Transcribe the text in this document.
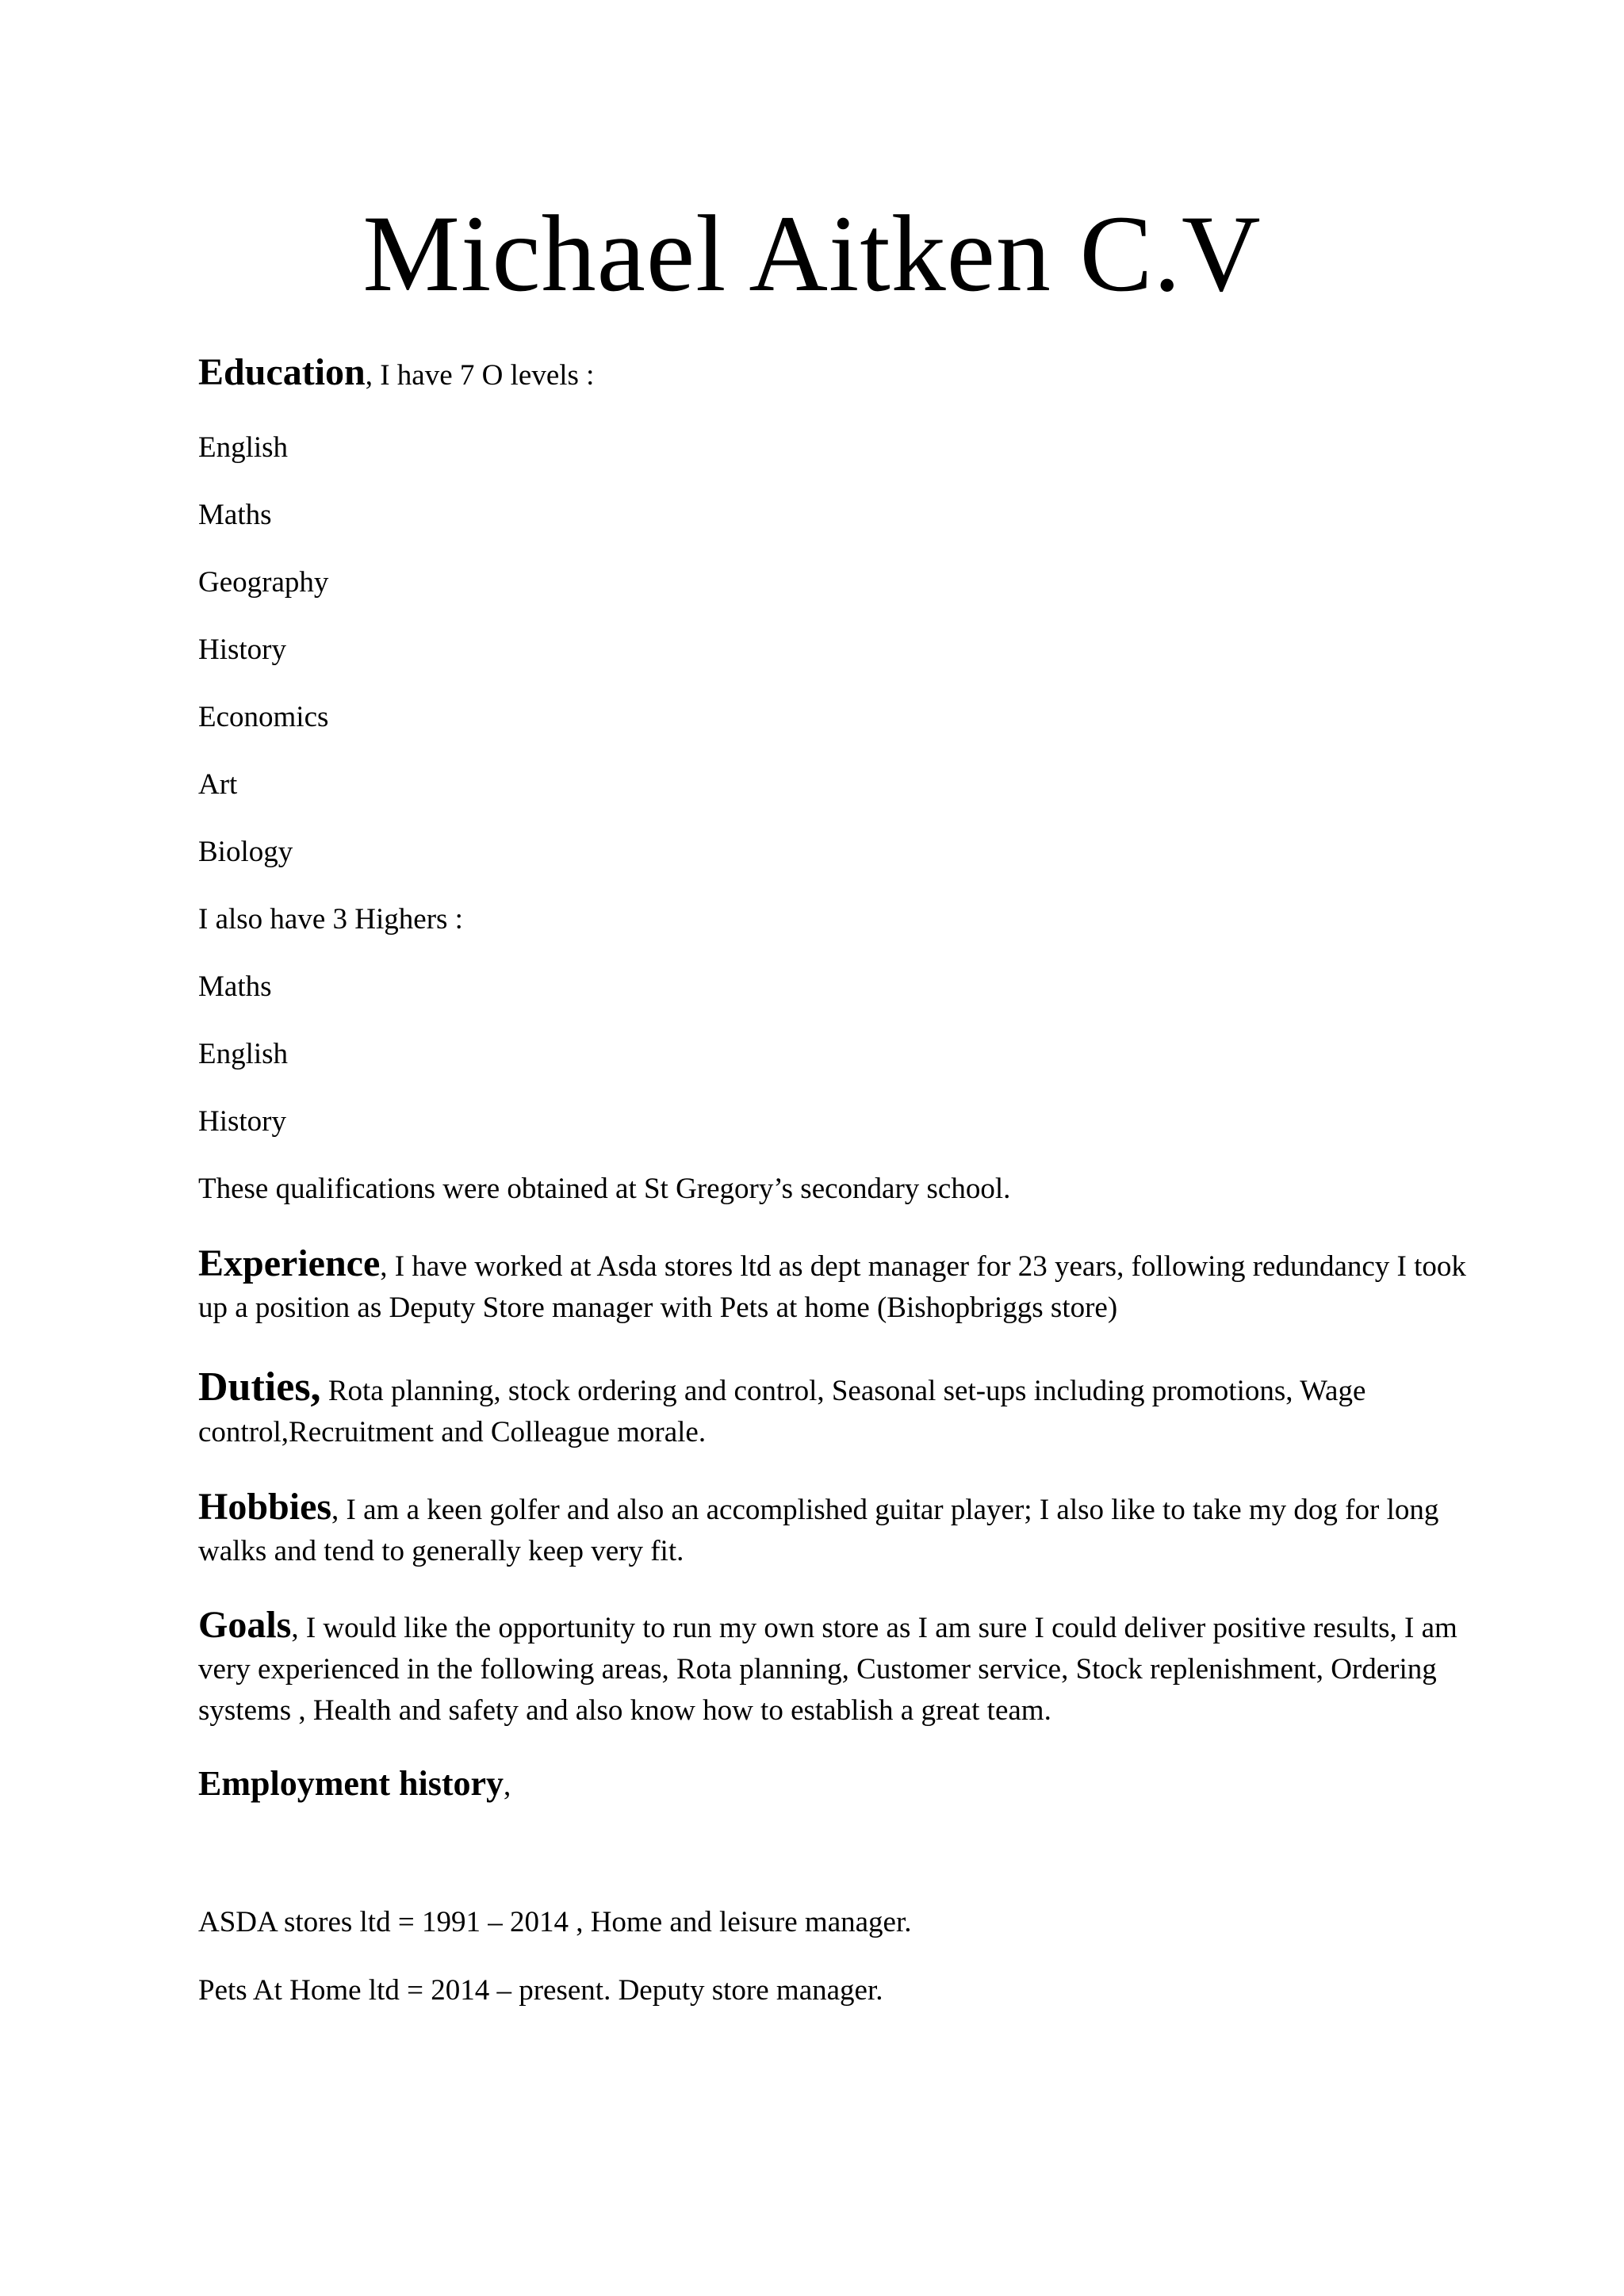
Michael Aitken C.V

Education, I have 7 O levels :

English

Maths

Geography

History

Economics

Art

Biology

I also have 3 Highers :

Maths

English

History

These qualifications were obtained at St Gregory’s secondary school.

Experience, I have worked at Asda stores ltd as dept manager for 23 years, following redundancy I took up a position as Deputy Store manager with Pets at home (Bishopbriggs store)

Duties, Rota planning, stock ordering and control, Seasonal set-ups including promotions, Wage control,Recruitment and Colleague morale.

Hobbies, I am a keen golfer and also an accomplished guitar player; I also like to take my dog for long walks and tend to generally keep very fit.

Goals, I would like the opportunity to run my own store as I am sure I could deliver positive results, I am very experienced in the following areas, Rota planning, Customer service, Stock replenishment, Ordering systems , Health and safety and also know how to establish a great team.

Employment history,

ASDA stores ltd = 1991 – 2014 , Home and leisure manager.

Pets At Home ltd = 2014 – present. Deputy store manager.
